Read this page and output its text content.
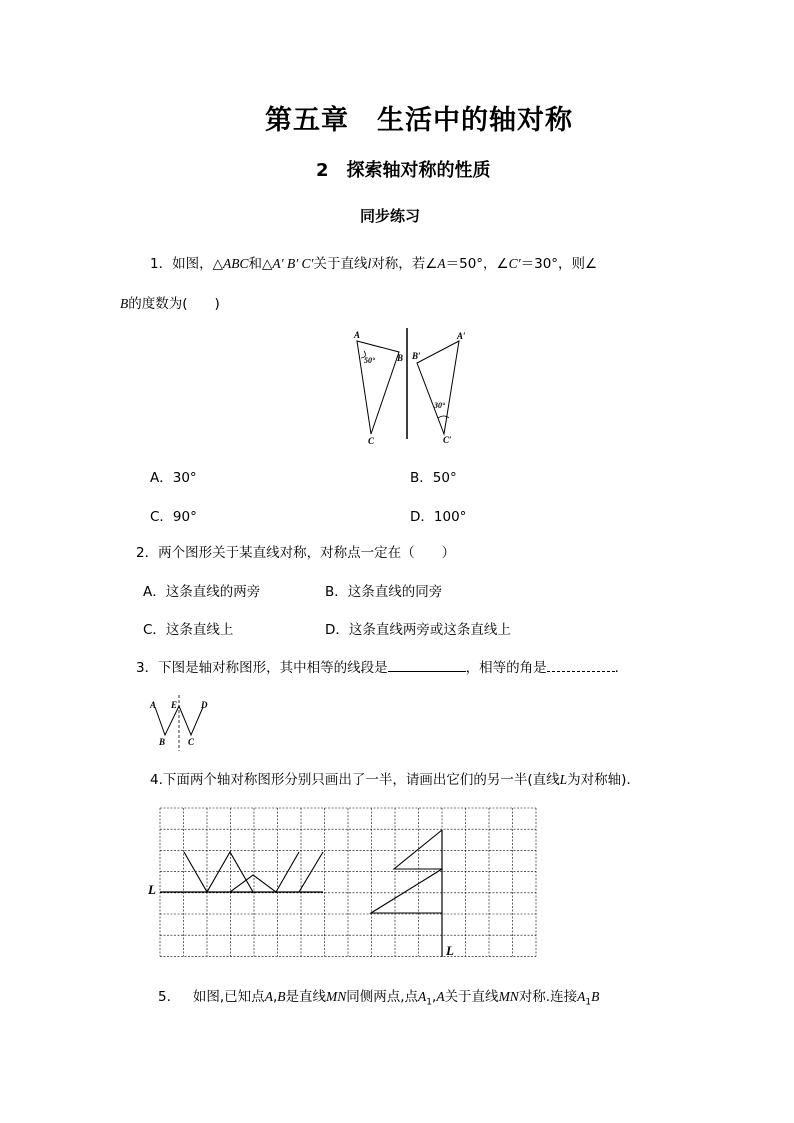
第五章　生活中的轴对称
2　探索轴对称的性质
同步练习
1．如图，△ABC和△A′ B′ C′关于直线l对称，若∠A＝50°，∠C′＝30°，则∠
B的度数为(　　)
A
B
C
50°
A′
B′
C′
30°
A．30°	B．50°
C．90°	D．100°
2．两个图形关于某直线对称，对称点一定在（　　）
A．这条直线的两旁	B．这条直线的同旁
C．这条直线上	D．这条直线两旁或这条直线上
3．下图是轴对称图形，其中相等的线段是	，相等的角是	．
A E	D
B	C
4.下面两个轴对称图形分别只画出了一半，请画出它们的另一半(直线L为对称轴)．
L
L
5. 如图,已知点A,B是直线MN同侧两点,点$A_1,A$关于直线MN对称.连接$A_1B$
